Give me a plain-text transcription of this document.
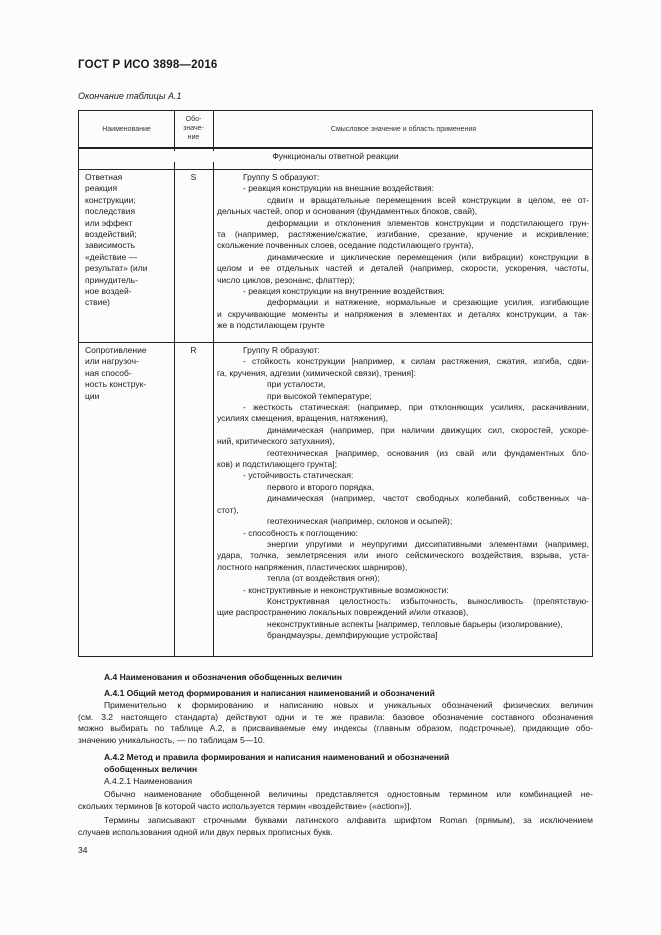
ГОСТ Р ИСО 3898—2016
Окончание таблицы А.1
Наименование
Обо-
значе-
ние
Смысловое значение и область применения
Функционалы ответной реакции
Ответная
реакция
конструкции;
последствия
или эффект
воздействий;
зависимость
«действие —
результат» (или
принудитель-
ное воздей-
ствие)
S	Группу S образуют:
- реакция конструкции на внешние воздействия:
сдвиги и вращательные перемещения всей конструкции в целом, ее от-
дельных частей, опор и основания (фундаментных блоков, свай),
деформации и отклонения элементов конструкции и подстилающего грун-
та (например, растяжение/сжатие, изгибание, срезание, кручение и искривление;
скольжение почвенных слоев, оседание подстилающего грунта),
динамические и циклические перемещения (или вибрации) конструкции в
целом и ее отдельных частей и деталей (например, скорости, ускорения, частоты,
число циклов, резонанс, флаттер);
- реакция конструкции на внутренние воздействия:
деформации и натяжение, нормальные и срезающие усилия, изгибающие
и скручивающие моменты и напряжения в элементах и деталях конструкции, а так-
же в подстилающем грунте
Сопротивление
или нагрузоч-
ная способ-
ность конструк-
ции
R	Группу R образуют:
- стойкость конструкции [например, к силам растяжения, сжатия, изгиба, сдви-
га, кручения, адгезии (химической связи), трения]:
при усталости,
при высокой температуре;
- жесткость статическая: (например, при отклоняющих усилиях, раскачивании,
усилиях смещения, вращения, натяжения),
динамическая (например, при наличии движущих сил, скоростей, ускоре-
ний, критического затухания),
геотехническая [например, основания (из свай или фундаментных бло-
ков) и подстилающего грунта];
- устойчивость статическая:
первого и второго порядка,
динамическая (например, частот свободных колебаний, собственных ча-
стот),
геотехническая (например, склонов и осыпей);
- способность к поглощению:
энергии упругими и неупругими диссипативными элементами (например,
удара, толчка, землетрясения или иного сейсмического воздействия, взрыва, уста-
лостного напряжения, пластических шарниров),
тепла (от воздействия огня);
- конструктивные и неконструктивные возможности:
Конструктивная целостность: избыточность, выносливость (препятствую-
щие распространению локальных повреждений и/или отказов),
неконструктивные аспекты [например, тепловые барьеры (изолирование),
брандмауэры, демпфирующие устройства]
А.4 Наименования и обозначения обобщенных величин
А.4.1 Общий метод формирования и написания наименований и обозначений
Применительно к формированию и написанию новых и уникальных обозначений физических величин
(см. 3.2 настоящего стандарта) действуют одни и те же правила: базовое обозначение составного обозначения
можно выбирать по таблице А.2, а присваиваемые ему индексы (главным образом, подстрочные), придающие обо-
значению уникальность, — по таблицам 5—10.
А.4.2 Метод и правила формирования и написания наименований и обозначений
обобщенных величин
А.4.2.1 Наименования
Обычно наименование обобщенной величины представляется одностовным термином или комбинацией не-
скольких терминов [в которой часто используется термин «воздействие» («action»)].
Термины записывают строчными буквами латинского алфавита шрифтом Roman (прямым), за исключением
случаев использования одной или двух первых прописных букв.
34
